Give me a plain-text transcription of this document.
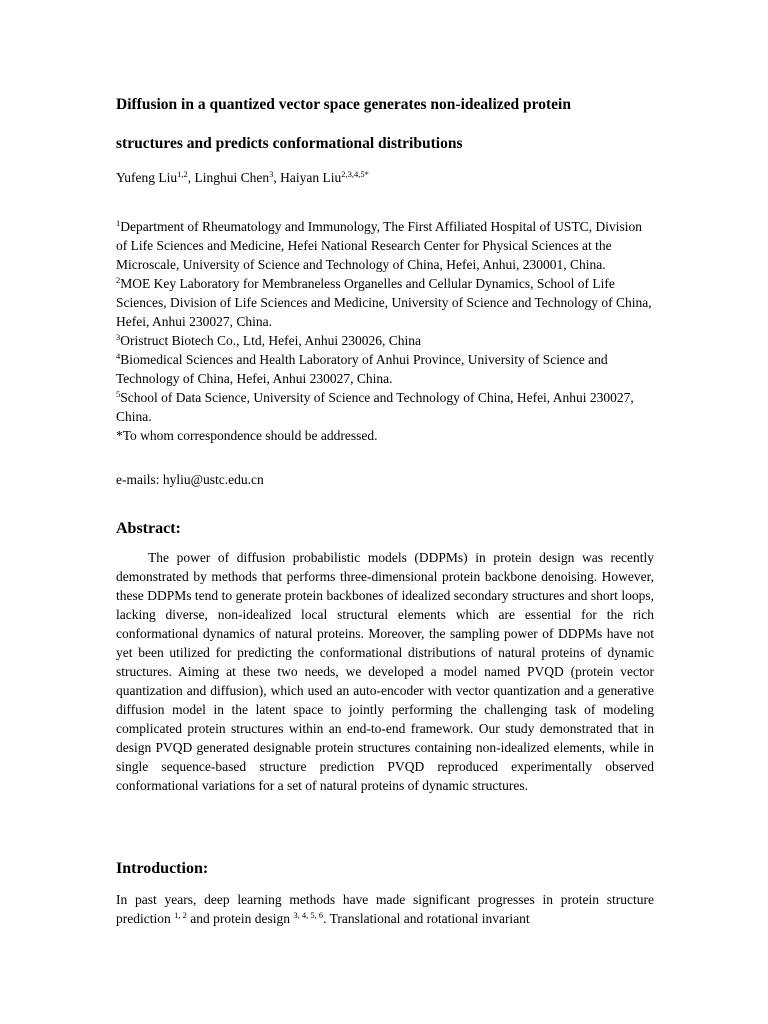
Diffusion in a quantized vector space generates non-idealized protein
structures and predicts conformational distributions
Yufeng Liu$^{1,2}$, Linghui Chen$^3$, Haiyan Liu$^{2,3,4,5*}$
$^1$Department of Rheumatology and Immunology, The First Affiliated Hospital of USTC, Division of Life Sciences and Medicine, Hefei National Research Center for Physical Sciences at the Microscale, University of Science and Technology of China, Hefei, Anhui, 230001, China.
$^2$MOE Key Laboratory for Membraneless Organelles and Cellular Dynamics, School of Life Sciences, Division of Life Sciences and Medicine, University of Science and Technology of China, Hefei, Anhui 230027, China.
$^3$Oristruct Biotech Co., Ltd, Hefei, Anhui 230026, China
$^4$Biomedical Sciences and Health Laboratory of Anhui Province, University of Science and Technology of China, Hefei, Anhui 230027, China.
$^5$School of Data Science, University of Science and Technology of China, Hefei, Anhui 230027, China.
*To whom correspondence should be addressed.
e-mails: hyliu@ustc.edu.cn
Abstract:

The power of diffusion probabilistic models (DDPMs) in protein design was recently demonstrated by methods that performs three-dimensional protein backbone denoising. However, these DDPMs tend to generate protein backbones of idealized secondary structures and short loops, lacking diverse, non-idealized local structural elements which are essential for the rich conformational dynamics of natural proteins. Moreover, the sampling power of DDPMs have not yet been utilized for predicting the conformational distributions of natural proteins of dynamic structures. Aiming at these two needs, we developed a model named PVQD (protein vector quantization and diffusion), which used an auto-encoder with vector quantization and a generative diffusion model in the latent space to jointly performing the challenging task of modeling complicated protein structures within an end-to-end framework. Our study demonstrated that in design PVQD generated designable protein structures containing non-idealized elements, while in single sequence-based structure prediction PVQD reproduced experimentally observed conformational variations for a set of natural proteins of dynamic structures.

Introduction:

In past years, deep learning methods have made significant progresses in protein structure prediction $^{1, 2}$ and protein design $^{3, 4, 5, 6}$. Translational and rotational invariant
